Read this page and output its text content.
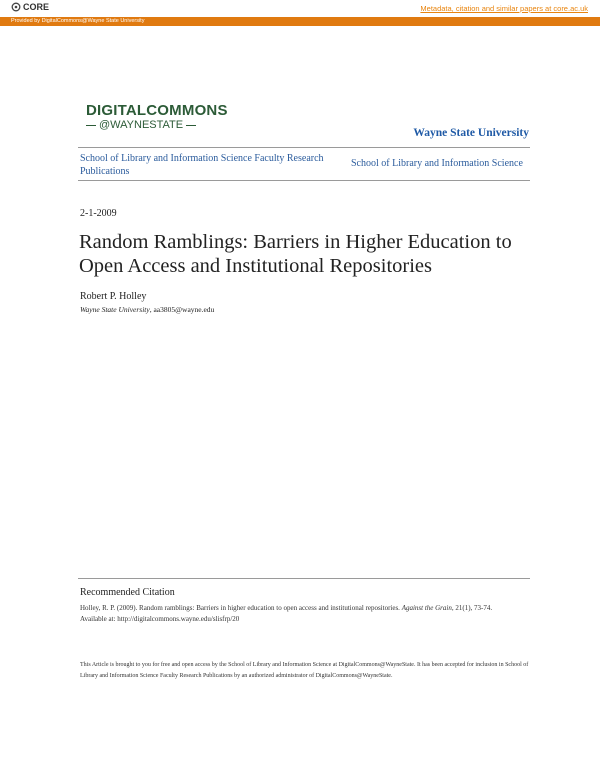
CORE	Metadata, citation and similar papers at core.ac.uk
Provided by DigitalCommons@Wayne State University
DIGITALCOMMONS
@WAYNESTATE
Wayne State University
School of Library and Information Science Faculty Research Publications
School of Library and Information Science
2-1-2009
Random Ramblings: Barriers in Higher Education to Open Access and Institutional Repositories
Robert P. Holley
Wayne State University, aa3805@wayne.edu
Recommended Citation
Holley, R. P. (2009). Random ramblings: Barriers in higher education to open access and institutional repositories. Against the Grain, 21(1), 73-74.
Available at: http://digitalcommons.wayne.edu/slisfrp/20
This Article is brought to you for free and open access by the School of Library and Information Science at DigitalCommons@WayneState. It has been accepted for inclusion in School of Library and Information Science Faculty Research Publications by an authorized administrator of DigitalCommons@WayneState.
